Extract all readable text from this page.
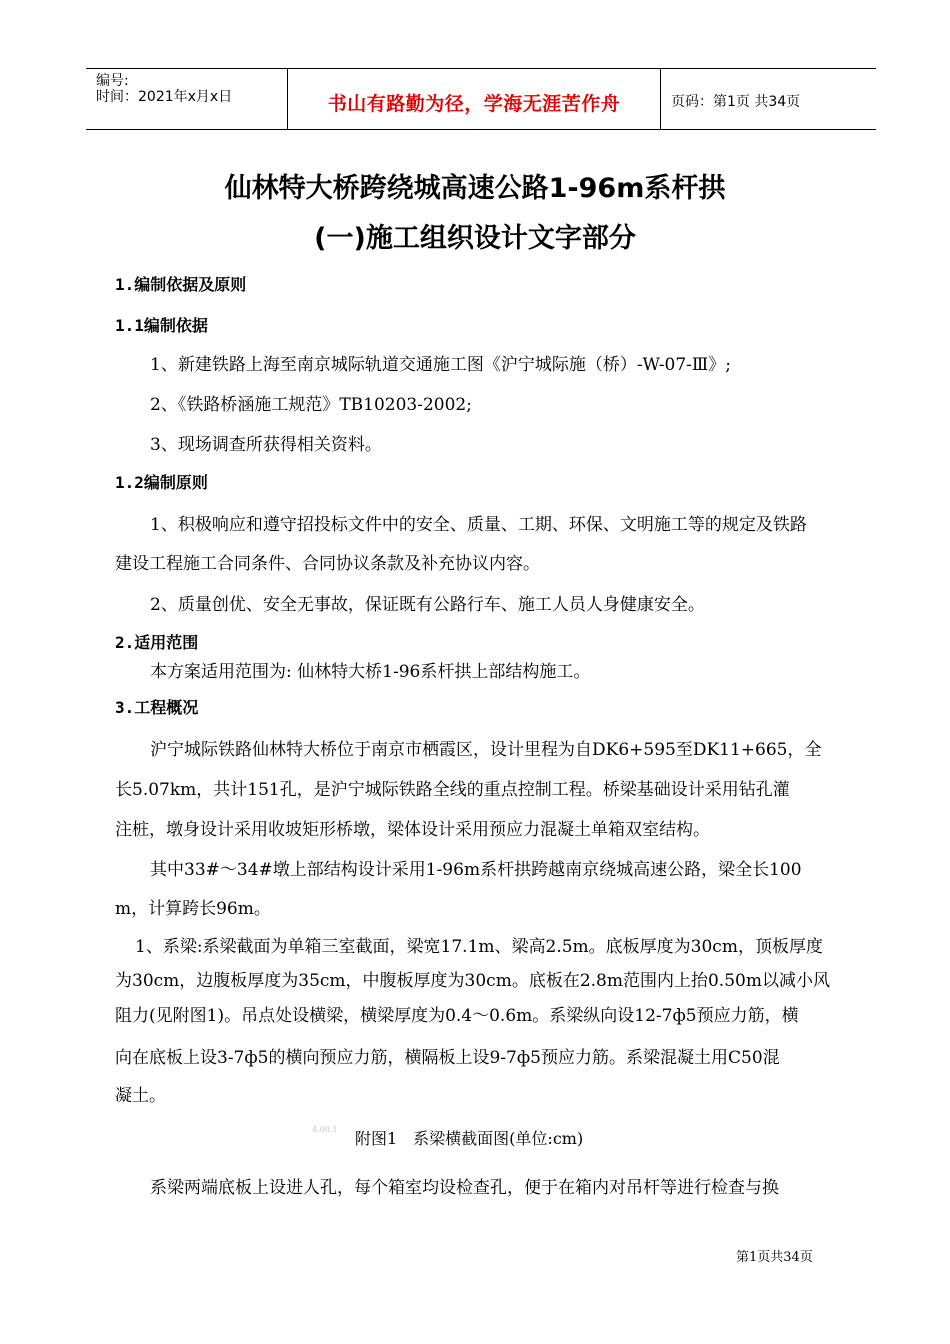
编号:
时间：2021年x月x日	书山有路勤为径，学海无涯苦作舟	页码：第1页 共34页
仙林特大桥跨绕城高速公路1-96m系杆拱
(一)施工组织设计文字部分
1.编制依据及原则
1.1编制依据
1、新建铁路上海至南京城际轨道交通施工图《沪宁城际施（桥）-W-07-Ⅲ》;
2、《铁路桥涵施工规范》TB10203-2002;
3、现场调查所获得相关资料。
1.2编制原则
1、积极响应和遵守招投标文件中的安全、质量、工期、环保、文明施工等的规定及铁路
建设工程施工合同条件、合同协议条款及补充协议内容。
2、质量创优、安全无事故，保证既有公路行车、施工人员人身健康安全。
2.适用范围
本方案适用范围为: 仙林特大桥1-96系杆拱上部结构施工。
3.工程概况
沪宁城际铁路仙林特大桥位于南京市栖霞区，设计里程为自DK6+595至DK11+665，全
长5.07km，共计151孔，是沪宁城际铁路全线的重点控制工程。桥梁基础设计采用钻孔灌
注桩，墩身设计采用收坡矩形桥墩，梁体设计采用预应力混凝土单箱双室结构。
其中33#～34#墩上部结构设计采用1-96m系杆拱跨越南京绕城高速公路，梁全长100
m，计算跨长96m。
1、系梁:系梁截面为单箱三室截面，梁宽17.1m、梁高2.5m。底板厚度为30cm，顶板厚度
为30cm，边腹板厚度为35cm，中腹板厚度为30cm。底板在2.8m范围内上抬0.50m以减小风
阻力(见附图1)。吊点处设横梁，横梁厚度为0.4～0.6m。系梁纵向设12-7ф5预应力筋，横
向在底板上设3-7ф5的横向预应力筋，横隔板上设9-7ф5预应力筋。系梁混凝土用C50混
凝土。
4.00.1 附图1　系梁横截面图(单位:cm)
系梁两端底板上设进人孔，每个箱室均设检查孔，便于在箱内对吊杆等进行检查与换
第1页共34页
